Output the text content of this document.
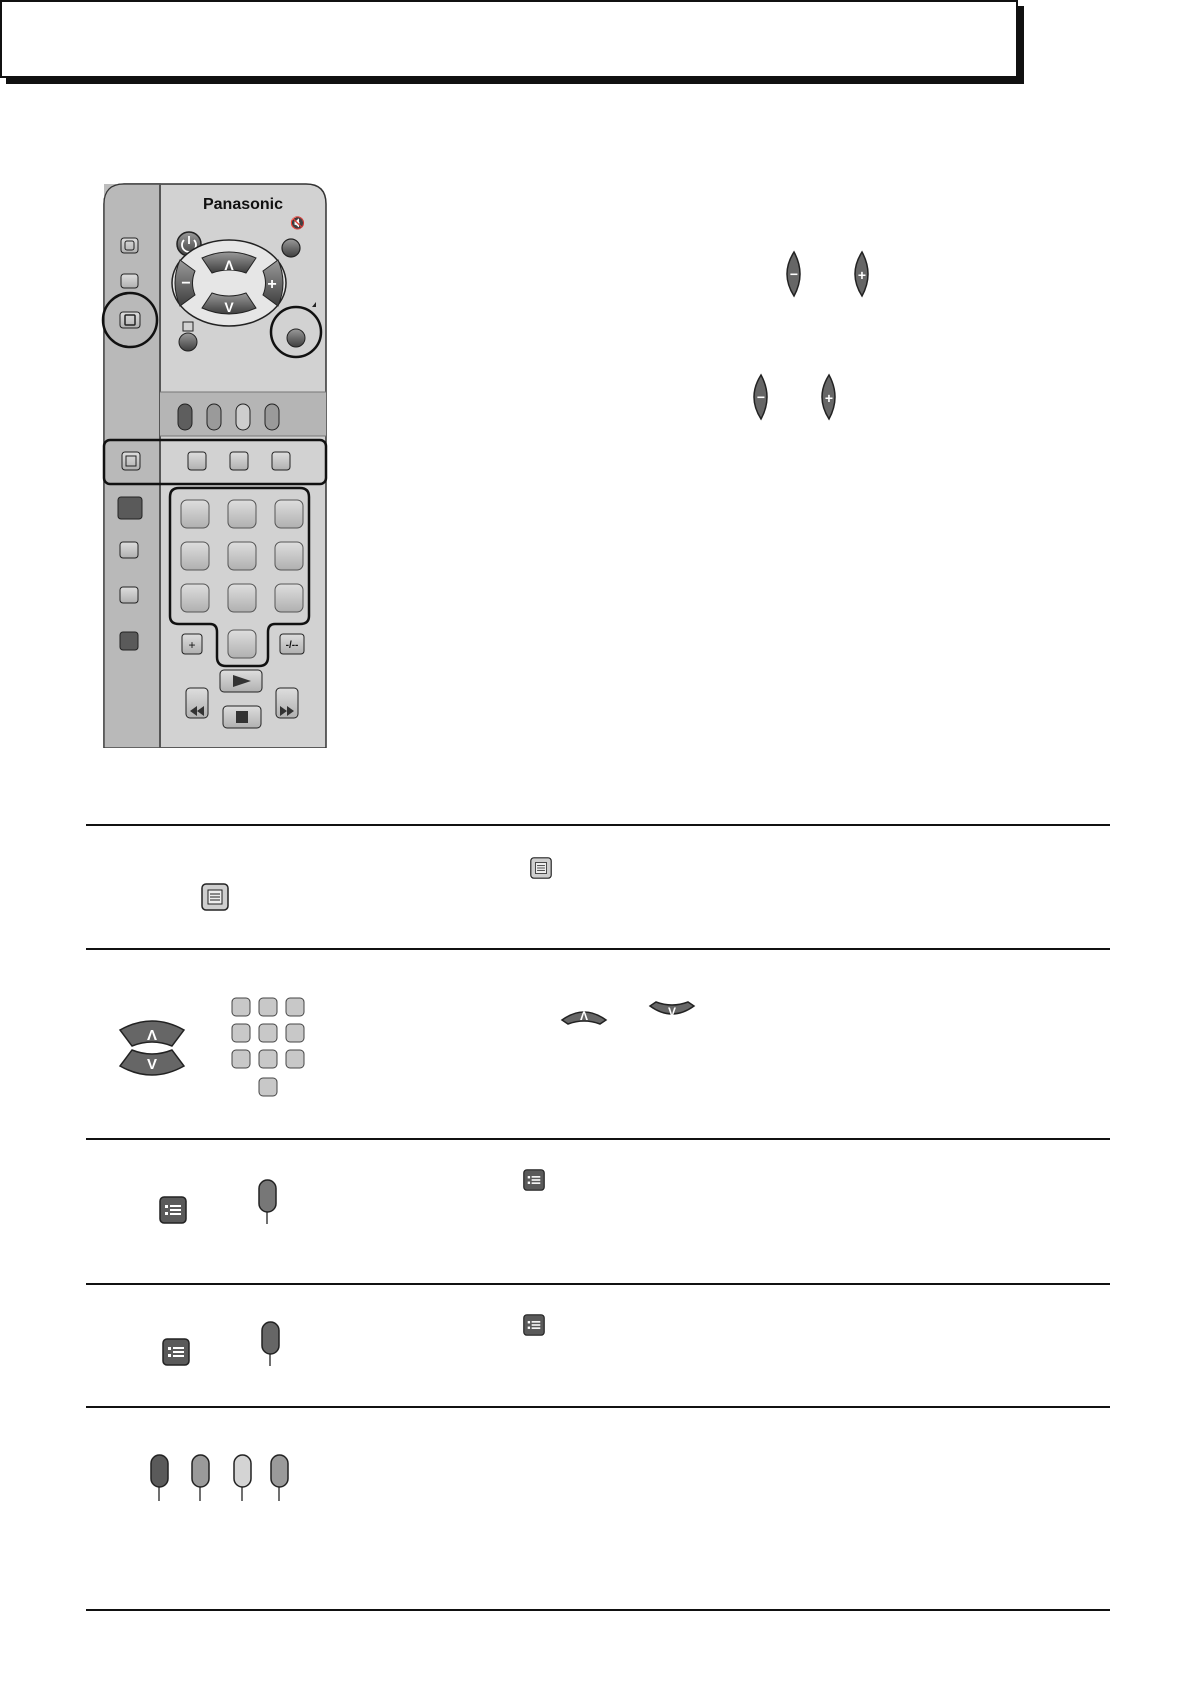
Panasonic
🔇
Λ
V
−	+
+	-/--
−	+
−	+
Λ
V
Λ	V
